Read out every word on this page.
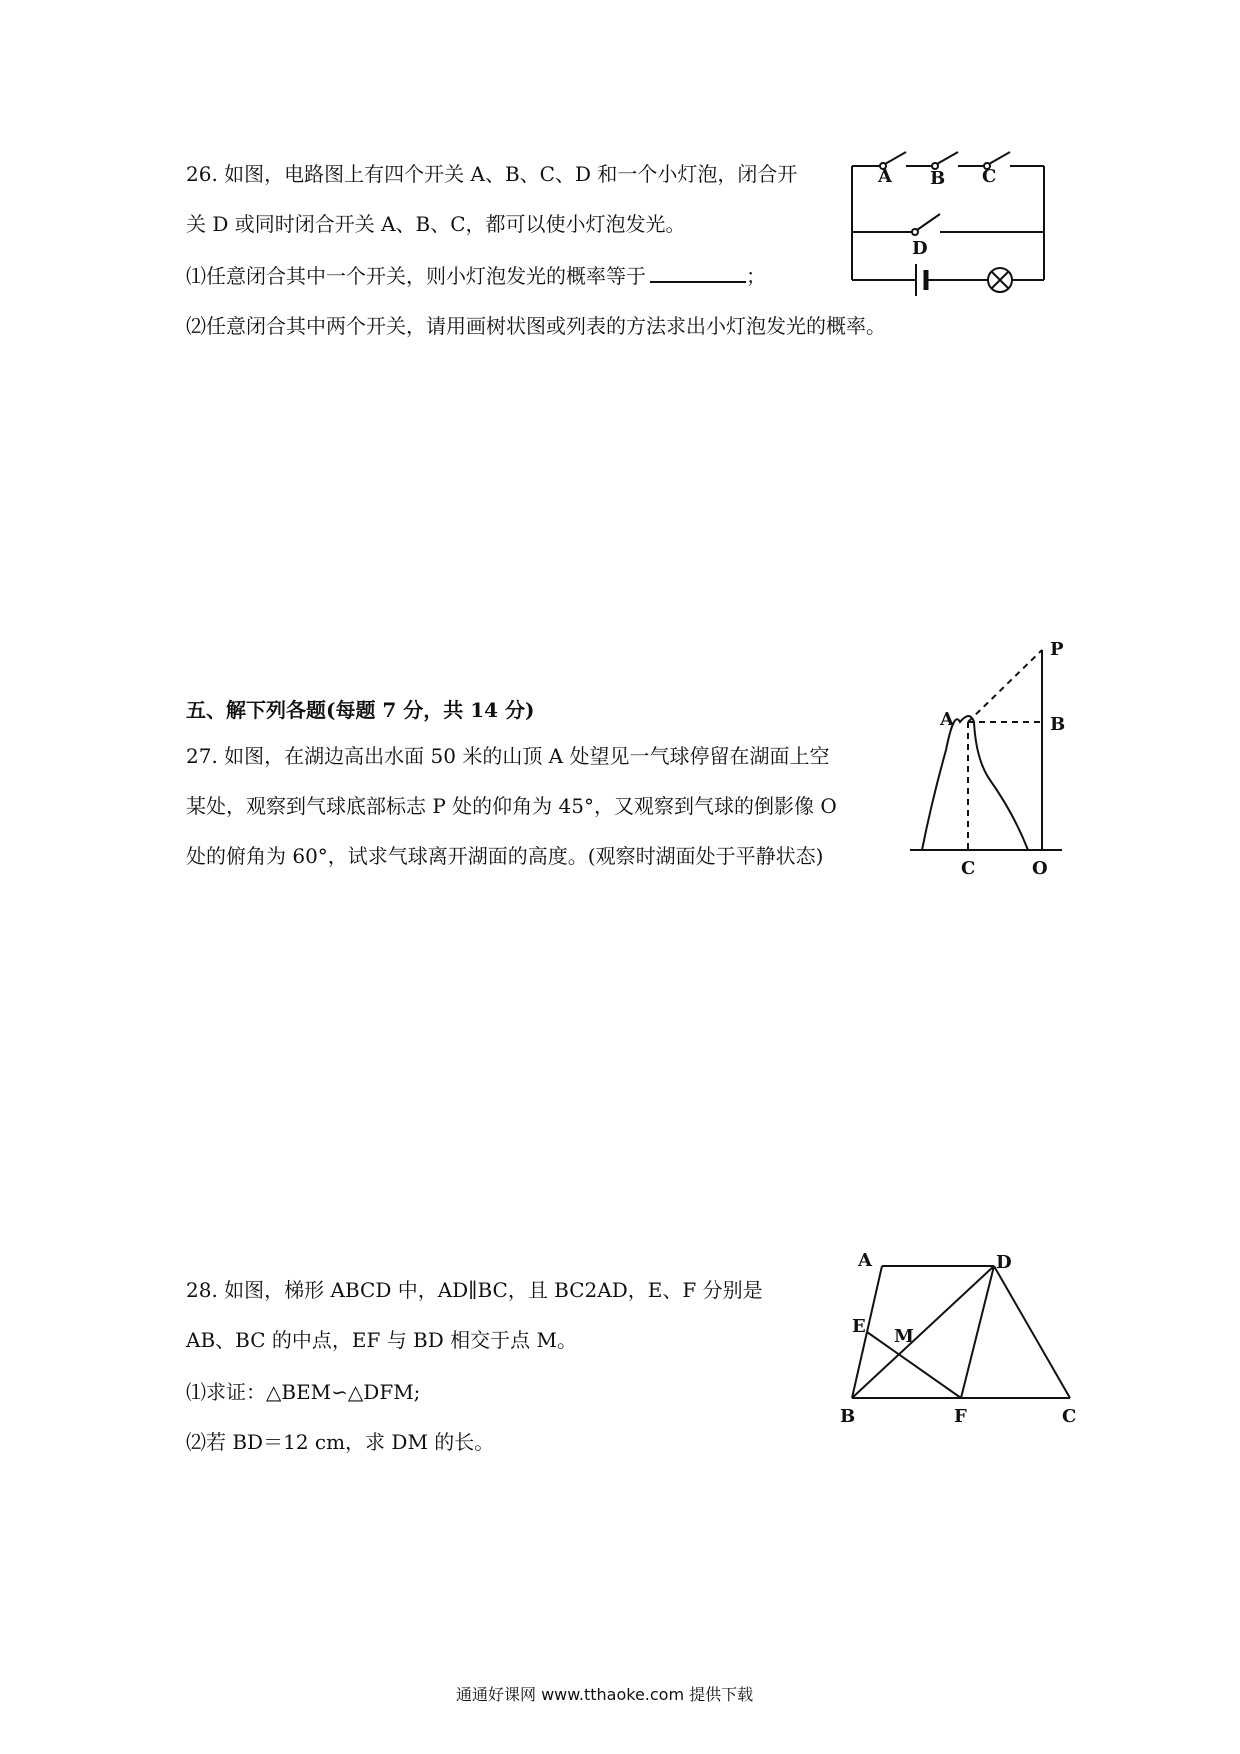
26. 如图，电路图上有四个开关 A、B、C、D 和一个小灯泡，闭合开
关 D 或同时闭合开关 A、B、C，都可以使小灯泡发光。
⑴任意闭合其中一个开关，则小灯泡发光的概率等于	；
⑵任意闭合其中两个开关，请用画树状图或列表的方法求出小灯泡发光的概率。
A B C
D
五、解下列各题(每题 7 分，共 14 分)
27. 如图，在湖边高出水面 50 米的山顶 A 处望见一气球停留在湖面上空
某处，观察到气球底部标志 P 处的仰角为 45°，又观察到气球的倒影像 O
处的俯角为 60°，试求气球离开湖面的高度。(观察时湖面处于平静状态)
P
A	B
C	O
28. 如图，梯形 ABCD 中，AD∥BC，且 BC2AD，E、F 分别是
AB、BC 的中点，EF 与 BD 相交于点 M。
⑴求证：△BEM∽△DFM;
⑵若 BD＝12 cm，求 DM 的长。
A	D
E M
B	F	C
通通好课网 www.tthaoke.com 提供下载
